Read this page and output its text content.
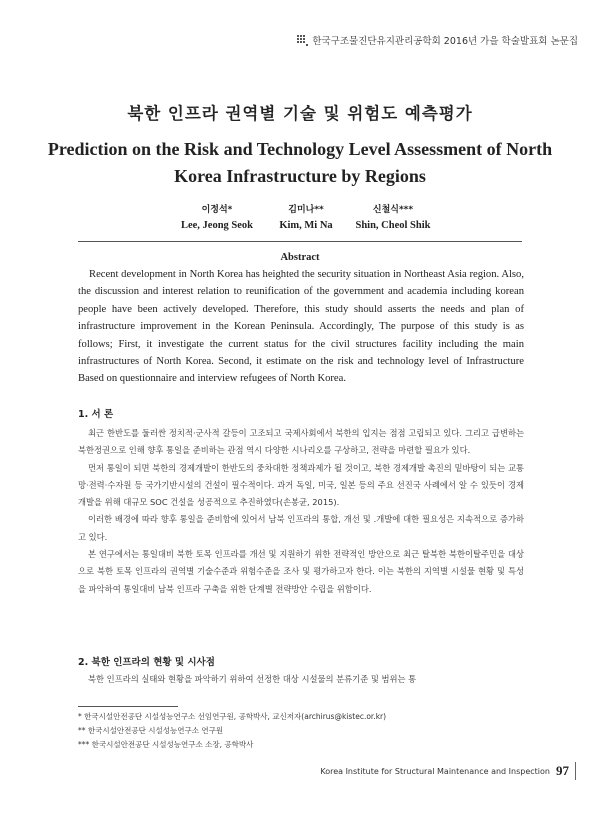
한국구조물진단유지관리공학회 2016년 가을 학술발표회 논문집
북한 인프라 권역별 기술 및 위험도 예측평가
Prediction on the Risk and Technology Level Assessment of North Korea Infrastructure by Regions
이정석*
Lee, Jeong Seok
김미나**
Kim, Mi Na
신철식***
Shin, Cheol Shik
Abstract

Recent development in North Korea has heighted the security situation in Northeast Asia region. Also, the discussion and interest relation to reunification of the government and academia including korean people have been actively developed. Therefore, this study should asserts the needs and plan of infrastructure improvement in the Korean Peninsula. Accordingly, The purpose of this study is as follows; First, it investigate the current status for the civil structures facility including the main infrastructures of North Korea. Second, it estimate on the risk and technology level of Infrastructure Based on questionnaire and interview refugees of North Korea.

1. 서 론

최근 한반도를 둘러싼 정치적·군사적 갈등이 고조되고 국제사회에서 북한의 입지는 점점 고립되고 있다. 그리고 급변하는 북한정권으로 인해 향후 통일을 준비하는 관점 역시 다양한 시나리오를 구상하고, 전략을 마련할 필요가 있다.

먼저 통일이 되면 북한의 경제개발이 한반도의 중차대한 정책과제가 될 것이고, 북한 경제개발 촉진의 밑바탕이 되는 교통망·전력·수자원 등 국가기반시설의 건설이 필수적이다. 과거 독일, 미국, 일본 등의 주요 선진국 사례에서 알 수 있듯이 경제개발을 위해 대규모 SOC 건설을 성공적으로 추진하였다(손봉균, 2015).

이러한 배경에 따라 향후 통일을 준비함에 있어서 남북 인프라의 통합, 개선 및 .개발에 대한 필요성은 지속적으로 증가하고 있다.

본 연구에서는 통일대비 북한 토목 인프라를 개선 및 지원하기 위한 전략적인 방안으로 최근 탈북한 북한이탈주민을 대상으로 북한 토목 인프라의 권역별 기술수준과 위험수준을 조사 및 평가하고자 한다. 이는 북한의 지역별 시설물 현황 및 특성을 파악하여 통일대비 남북 인프라 구축을 위한 단계별 전략방안 수립을 위함이다.

2. 북한 인프라의 현황 및 시사점

북한 인프라의 실태와 현황을 파악하기 위하여 선정한 대상 시설물의 분류기준 및 범위는 통

* 한국시설안전공단 시설성능연구소 선임연구원, 공학박사, 교신저자(archirus@kistec.or.kr)
** 한국시설안전공단 시설성능연구소 연구원
*** 한국시설안전공단 시설성능연구소 소장, 공학박사
Korea Institute for Structural Maintenance and Inspection 97
